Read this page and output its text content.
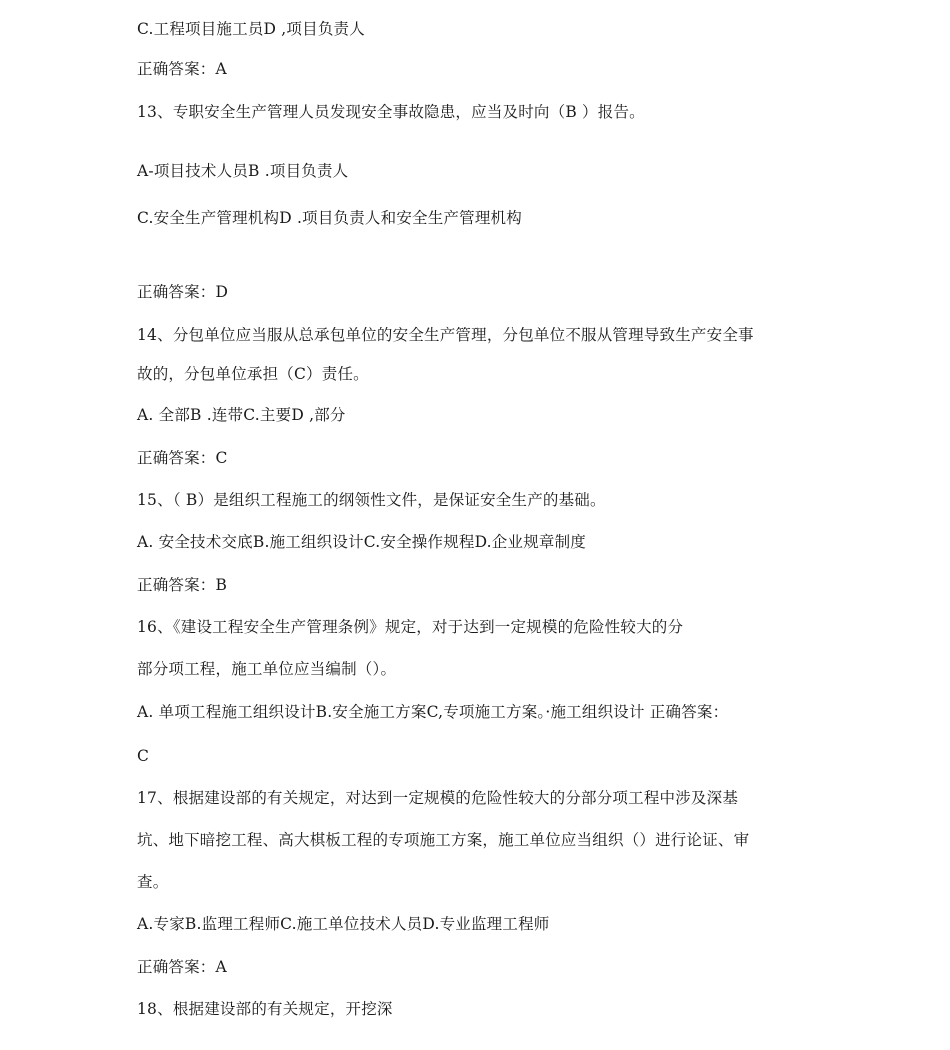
C.工程项目施工员D ,项目负责人
正确答案：A
13、专职安全生产管理人员发现安全事故隐患，应当及时向（B ）报告。
A-项目技术人员B .项目负责人
C.安全生产管理机构D .项目负责人和安全生产管理机构
正确答案：D
14、分包单位应当服从总承包单位的安全生产管理，分包单位不服从管理导致生产安全事
故的，分包单位承担（C）责任。
A. 全部B .连带C.主要D ,部分
正确答案：C
15、（ B）是组织工程施工的纲领性文件，是保证安全生产的基础。
A. 安全技术交底B.施工组织设计C.安全操作规程D.企业规章制度
正确答案：B
16、《建设工程安全生产管理条例》规定，对于达到一定规模的危险性较大的分
部分项工程，施工单位应当编制（）。
A. 单项工程施工组织设计B.安全施工方案C,专项施工方案。·施工组织设计 正确答案：
C
17、根据建设部的有关规定，对达到一定规模的危险性较大的分部分项工程中涉及深基
坑、地下暗挖工程、高大棋板工程的专项施工方案，施工单位应当组织（）进行论证、审
查。
A.专家B.监理工程师C.施工单位技术人员D.专业监理工程师
正确答案：A
18、根据建设部的有关规定，开挖深
